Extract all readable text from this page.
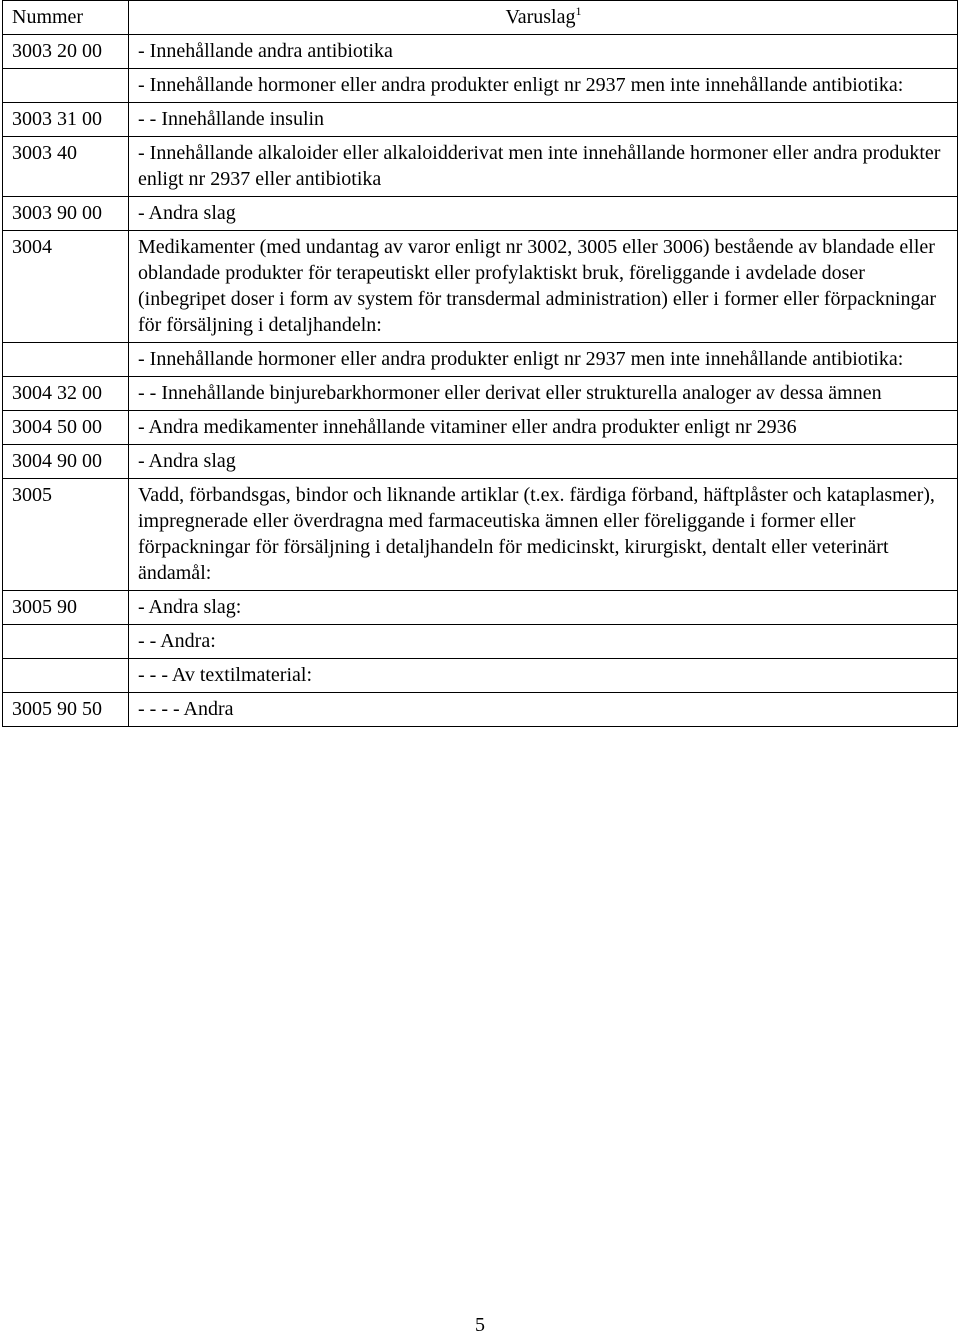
Nummer	Varuslag$^1$
3003 20 00	- Innehållande andra antibiotika
	- Innehållande hormoner eller andra produkter enligt nr 2937 men inte innehållande antibiotika:
3003 31 00	- - Innehållande insulin
3003 40	- Innehållande alkaloider eller alkaloidderivat men inte innehållande hormoner eller andra produkter enligt nr 2937 eller antibiotika
3003 90 00	- Andra slag
3004	Medikamenter (med undantag av varor enligt nr 3002, 3005 eller 3006) bestående av blandade eller oblandade produkter för terapeutiskt eller profylaktiskt bruk, föreliggande i avdelade doser (inbegripet doser i form av system för transdermal administration) eller i former eller förpackningar för försäljning i detaljhandeln:
	- Innehållande hormoner eller andra produkter enligt nr 2937 men inte innehållande antibiotika:
3004 32 00	- - Innehållande binjurebarkhormoner eller derivat eller strukturella analoger av dessa ämnen
3004 50 00	- Andra medikamenter innehållande vitaminer eller andra produkter enligt nr 2936
3004 90 00	- Andra slag
3005	Vadd, förbandsgas, bindor och liknande artiklar (t.ex. färdiga förband, häftplåster och kataplasmer), impregnerade eller överdragna med farmaceutiska ämnen eller föreliggande i former eller förpackningar för försäljning i detaljhandeln för medicinskt, kirurgiskt, dentalt eller veterinärt ändamål:
3005 90	- Andra slag:
	- - Andra:
	- - - Av textilmaterial:
3005 90 50	- - - - Andra
5
